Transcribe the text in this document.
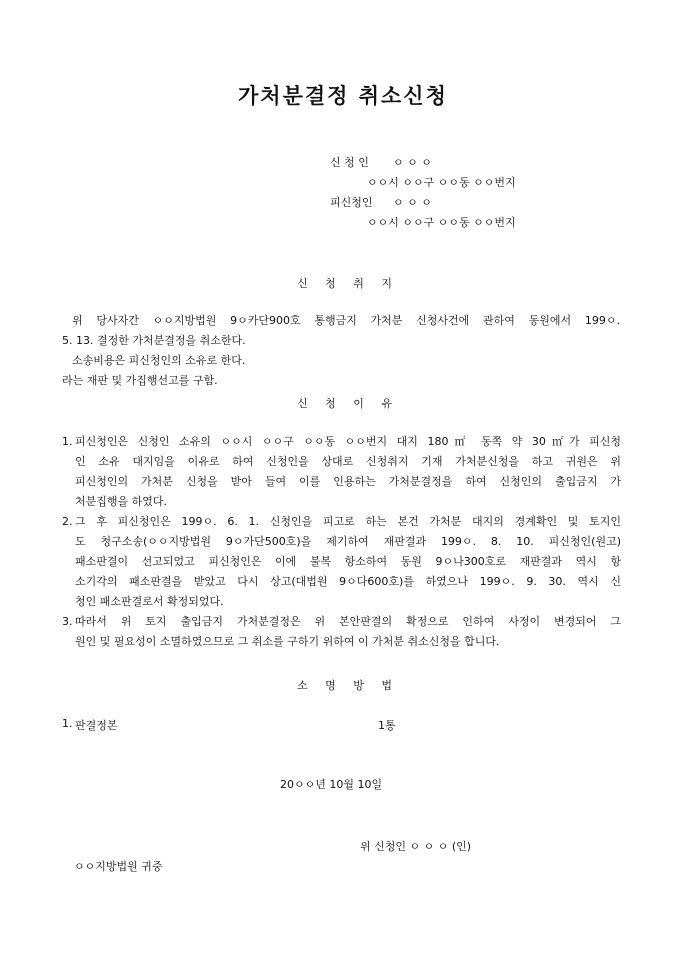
가처분결정 취소신청
신 청 인 ㅇ ㅇ ㅇ
ㅇㅇ시 ㅇㅇ구 ㅇㅇ동 ㅇㅇ번지
피신청인 ㅇ ㅇ ㅇ
ㅇㅇ시 ㅇㅇ구 ㅇㅇ동 ㅇㅇ번지
신 청 취 지
위 당사자간 ㅇㅇ지방법원 9ㅇ카단900호 통행금지 가처분 신청사건에 관하여 동원에서 199ㅇ.
5. 13. 결정한 가처분결정을 취소한다.
소송비용은 피신청인의 소유로 한다.
라는 재판 및 가집행선고를 구함.
신 청 이 유
1. 피신청인은 신청인 소유의 ㅇㅇ시 ㅇㅇ구 ㅇㅇ동 ㅇㅇ번지 대지 180㎡ 동쪽 약 30㎡가 피신청
인 소유 대지임을 이유로 하여 신청인을 상대로 신청취지 기재 가처분신청을 하고 귀원은 위
피신청인의 가처분 신청을 받아 들여 이를 인용하는 가처분결정을 하여 신청인의 출입금지 가
처분집행을 하였다.
2. 그 후 피신청인은 199ㅇ. 6. 1. 신청인을 피고로 하는 본건 가처분 대지의 경계확인 및 토지인
도 청구소송(ㅇㅇ지방법원 9ㅇ가단500호)을 제기하여 재판결과 199ㅇ. 8. 10. 피신청인(원고)
패소판결이 선고되었고 피신청인은 이에 불복 항소하여 동원 9ㅇ나300호로 재판결과 역시 항
소기각의 패소판결을 받았고 다시 상고(대법원 9ㅇ다600호)를 하였으나 199ㅇ. 9. 30. 역시 신
청인 패소판결로서 확정되었다.
3. 따라서 위 토지 출입금지 가처분결정은 위 본안판결의 확정으로 인하여 사정이 변경되어 그
원인 및 필요성이 소멸하였으므로 그 취소를 구하기 위하여 이 가처분 취소신청을 합니다.
소 명 방 법
1. 판결정본	1통
20ㅇㅇ년 10월 10일
위 신청인 ㅇ ㅇ ㅇ (인)
ㅇㅇ지방법원 귀중
